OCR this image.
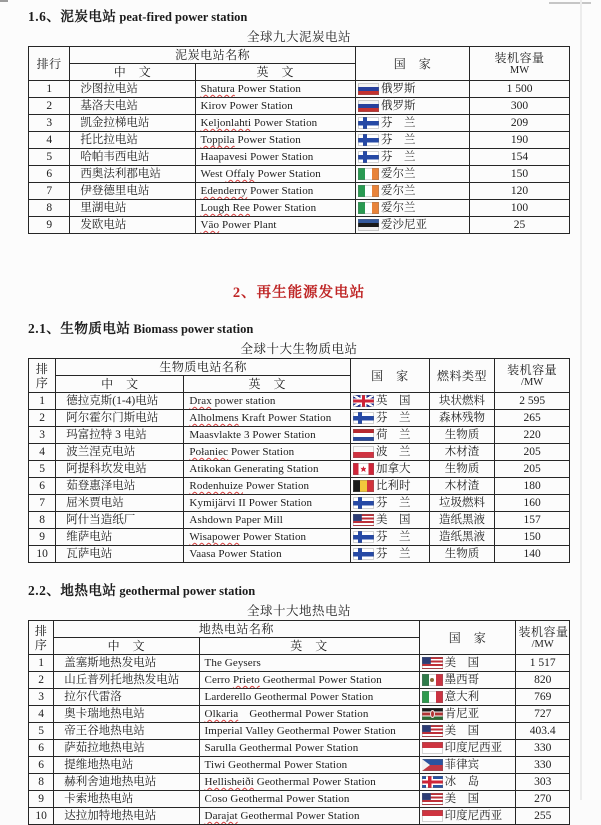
1.6、泥炭电站 peat-fired power station
全球九大泥炭电站
排行	泥炭电站名称		国　家	装机容量
MW

	中　文	英　文		
1	沙图拉电站	Shatura Power Station	俄罗斯	1 500
2	基洛夫电站	Kirov Power Station	俄罗斯	300
3	凯金拉梯电站	Keljonlahti Power Station	芬　兰	209
4	托比拉电站	Toppila Power Station	芬　兰	190
5	哈帕韦西电站	Haapavesi Power Station	芬　兰	154
6	西奥法利郡电站	West Offaly Power Station	爱尔兰	150
7	伊登德里电站	Edenderry Power Station	爱尔兰	120
8	里湖电站	Lough Ree Power Station	爱尔兰	100
9	发欧电站	Väo Power Plant	爱沙尼亚	25
2、再生能源发电站
2.1、生物质电站 Biomass power station
全球十大生物质电站
排
序	生物质电站名称		国　家	燃料类型	装机容量
/MW

	中　文	英　文			
1	德拉克斯(1-4)电站	Drax power station	英　国	块状燃料	2 595
2	阿尔霍尔门斯电站	Alholmens Kraft Power Station	芬　兰	森林残物	265
3	玛富拉特 3 电站	Maasvlakte 3 Power Station	荷　兰	生物质	220
4	波兰涅克电站	Połaniec Power Station	波　兰	木材渣	205
5	阿提科坎发电站	Atikokan Generating Station	加拿大	生物质	205
6	茹登惠泽电站	Rodenhuize Power Station	比利时	木材渣	180
7	屈米贾电站	Kymijärvi II Power Station	芬　兰	垃圾燃料	160
8	阿什当造纸厂	Ashdown Paper Mill	美　国	造纸黑液	157
9	维萨电站	Wisapower Power Station	芬　兰	造纸黑液	150
10	瓦萨电站	Vaasa Power Station	芬　兰	生物质	140
2.2、地热电站 geothermal power station
全球十大地热电站
排
序	地热电站名称		国　家	装机容量
/MW

	中　文	英　文		
1	盖塞斯地热发电站	The Geysers	美　国	1 517
2	山丘普列托地热发电站	Cerro Prieto Geothermal Power Station	墨西哥	820
3	拉尔代雷洛	Larderello Geothermal Power Station	意大利	769
4	奥卡瑞地热电站	Olkaria　Geothermal Power Station	肯尼亚	727
5	帝王谷地热电站	Imperial Valley Geothermal Power Station	美　国	403.4
6	萨茹拉地热电站	Sarulla Geothermal Power Station	印度尼西亚	330
6	提维地热电站	Tiwi Geothermal Power Station	菲律宾	330
8	赫利舍迪地热电站	Hellisheiði Geothermal Power Station	冰　岛	303
9	卡索地热电站	Coso Geothermal Power Station	美　国	270
10	达拉加特地热电站	Darajat Geothermal Power Station	印度尼西亚	255
